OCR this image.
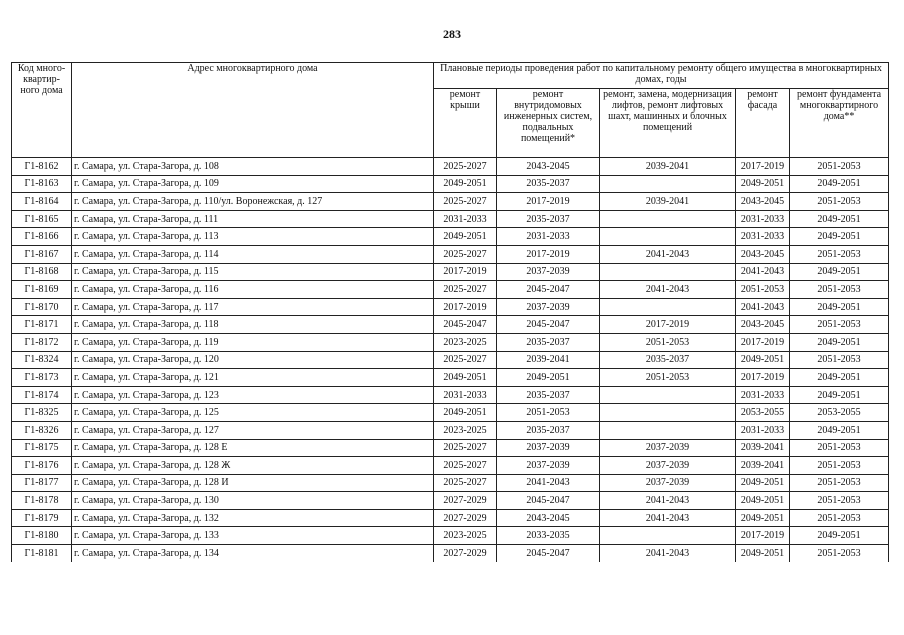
283
Код много-квартир-ного дома	Адрес многоквартирного дома	Плановые периоды проведения работ по капитальному ремонту общего имущества в многоквартирных домах, годы				
		ремонт крыши	ремонт внутридомовых инженерных систем, подвальных помещений*	ремонт, замена, модернизация лифтов, ремонт лифтовых шахт, машинных и блочных помещений	ремонт фасада	ремонт фундамента многоквартирного дома**
Г1-8162	г. Самара, ул. Стара-Загора, д. 108	2025-2027	2043-2045	2039-2041	2017-2019	2051-2053
Г1-8163	г. Самара, ул. Стара-Загора, д. 109	2049-2051	2035-2037		2049-2051	2049-2051
Г1-8164	г. Самара, ул. Стара-Загора, д. 110/ул. Воронежская, д. 127	2025-2027	2017-2019	2039-2041	2043-2045	2051-2053
Г1-8165	г. Самара, ул. Стара-Загора, д. 111	2031-2033	2035-2037		2031-2033	2049-2051
Г1-8166	г. Самара, ул. Стара-Загора, д. 113	2049-2051	2031-2033		2031-2033	2049-2051
Г1-8167	г. Самара, ул. Стара-Загора, д. 114	2025-2027	2017-2019	2041-2043	2043-2045	2051-2053
Г1-8168	г. Самара, ул. Стара-Загора, д. 115	2017-2019	2037-2039		2041-2043	2049-2051
Г1-8169	г. Самара, ул. Стара-Загора, д. 116	2025-2027	2045-2047	2041-2043	2051-2053	2051-2053
Г1-8170	г. Самара, ул. Стара-Загора, д. 117	2017-2019	2037-2039		2041-2043	2049-2051
Г1-8171	г. Самара, ул. Стара-Загора, д. 118	2045-2047	2045-2047	2017-2019	2043-2045	2051-2053
Г1-8172	г. Самара, ул. Стара-Загора, д. 119	2023-2025	2035-2037	2051-2053	2017-2019	2049-2051
Г1-8324	г. Самара, ул. Стара-Загора, д. 120	2025-2027	2039-2041	2035-2037	2049-2051	2051-2053
Г1-8173	г. Самара, ул. Стара-Загора, д. 121	2049-2051	2049-2051	2051-2053	2017-2019	2049-2051
Г1-8174	г. Самара, ул. Стара-Загора, д. 123	2031-2033	2035-2037		2031-2033	2049-2051
Г1-8325	г. Самара, ул. Стара-Загора, д. 125	2049-2051	2051-2053		2053-2055	2053-2055
Г1-8326	г. Самара, ул. Стара-Загора, д. 127	2023-2025	2035-2037		2031-2033	2049-2051
Г1-8175	г. Самара, ул. Стара-Загора, д. 128 Е	2025-2027	2037-2039	2037-2039	2039-2041	2051-2053
Г1-8176	г. Самара, ул. Стара-Загора, д. 128 Ж	2025-2027	2037-2039	2037-2039	2039-2041	2051-2053
Г1-8177	г. Самара, ул. Стара-Загора, д. 128 И	2025-2027	2041-2043	2037-2039	2049-2051	2051-2053
Г1-8178	г. Самара, ул. Стара-Загора, д. 130	2027-2029	2045-2047	2041-2043	2049-2051	2051-2053
Г1-8179	г. Самара, ул. Стара-Загора, д. 132	2027-2029	2043-2045	2041-2043	2049-2051	2051-2053
Г1-8180	г. Самара, ул. Стара-Загора, д. 133	2023-2025	2033-2035		2017-2019	2049-2051
Г1-8181	г. Самара, ул. Стара-Загора, д. 134	2027-2029	2045-2047	2041-2043	2049-2051	2051-2053
